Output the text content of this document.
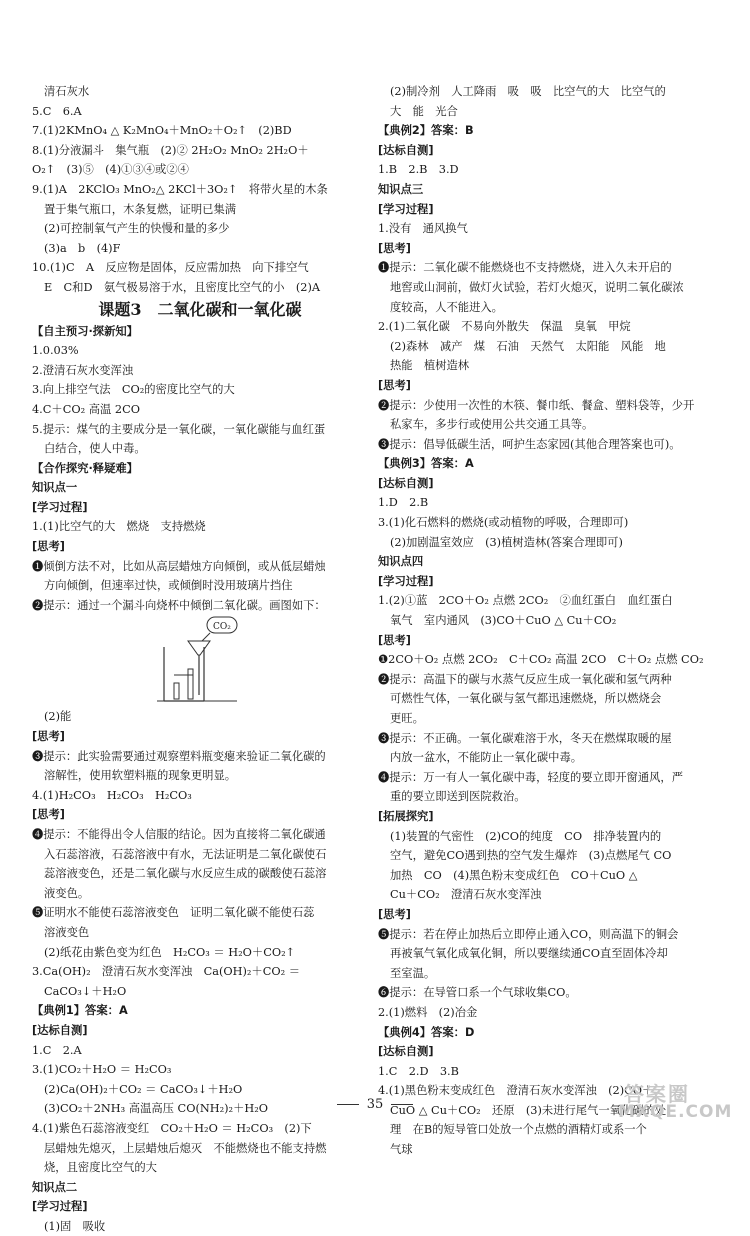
清石灰水
5.C　6.A
7.(1)2KMnO₄ △ K₂MnO₄＋MnO₂＋O₂↑　(2)BD
8.(1)分液漏斗　集气瓶　(2)② 2H₂O₂ MnO₂ 2H₂O＋
O₂↑　(3)⑤　(4)①③④或②④
9.(1)A　2KClO₃ MnO₂△ 2KCl＋3O₂↑　将带火星的木条
置于集气瓶口，木条复燃，证明已集满
(2)可控制氧气产生的快慢和量的多少
(3)a　b　(4)F
10.(1)C　A　反应物是固体，反应需加热　向下排空气
E　C和D　氨气极易溶于水，且密度比空气的小　(2)A
课题3　二氧化碳和一氧化碳
【自主预习·探新知】
1.0.03%
2.澄清石灰水变浑浊
3.向上排空气法　CO₂的密度比空气的大
4.C＋CO₂ 高温 2CO
5.提示：煤气的主要成分是一氧化碳，一氧化碳能与血红蛋
白结合，使人中毒。
【合作探究·释疑难】
知识点一
[学习过程]
1.(1)比空气的大　燃烧　支持燃烧
[思考]
❶倾倒方法不对，比如从高层蜡烛方向倾倒，或从低层蜡烛
方向倾倒，但速率过快，或倾倒时没用玻璃片挡住
❷提示：通过一个漏斗向烧杯中倾倒二氧化碳。画图如下：
CO₂
(2)能
[思考]
❸提示：此实验需要通过观察塑料瓶变瘪来验证二氧化碳的
溶解性，使用软塑料瓶的现象更明显。
4.(1)H₂CO₃　H₂CO₃　H₂CO₃
[思考]
❹提示：不能得出令人信服的结论。因为直接将二氧化碳通
入石蕊溶液，石蕊溶液中有水，无法证明是二氧化碳使石
蕊溶液变色，还是二氧化碳与水反应生成的碳酸使石蕊溶
液变色。
❺证明水不能使石蕊溶液变色　证明二氧化碳不能使石蕊
溶液变色
(2)纸花由紫色变为红色　H₂CO₃ ＝ H₂O＋CO₂↑
3.Ca(OH)₂　澄清石灰水变浑浊　Ca(OH)₂＋CO₂ ＝
CaCO₃↓＋H₂O
【典例1】答案：A
[达标自测]
1.C　2.A
3.(1)CO₂＋H₂O ＝ H₂CO₃
(2)Ca(OH)₂＋CO₂ ＝ CaCO₃↓＋H₂O
(3)CO₂＋2NH₃ 高温高压 CO(NH₂)₂＋H₂O
4.(1)紫色石蕊溶液变红　CO₂＋H₂O ＝ H₂CO₃　(2)下
层蜡烛先熄灭，上层蜡烛后熄灭　不能燃烧也不能支持燃
烧，且密度比空气的大
知识点二
[学习过程]
(1)固　吸收
(2)制冷剂　人工降雨　吸　吸　比空气的大　比空气的
大　能　光合
【典例2】答案：B
[达标自测]
1.B　2.B　3.D
知识点三
[学习过程]
1.没有　通风换气
[思考]
❶提示：二氧化碳不能燃烧也不支持燃烧，进入久未开启的
地窖或山洞前，做灯火试验，若灯火熄灭，说明二氧化碳浓
度较高，人不能进入。
2.(1)二氧化碳　不易向外散失　保温　臭氧　甲烷
(2)森林　减产　煤　石油　天然气　太阳能　风能　地
热能　植树造林
[思考]
❷提示：少使用一次性的木筷、餐巾纸、餐盒、塑料袋等，少开
私家车，多步行或使用公共交通工具等。
❸提示：倡导低碳生活，呵护生态家园(其他合理答案也可)。
【典例3】答案：A
[达标自测]
1.D　2.B
3.(1)化石燃料的燃烧(或动植物的呼吸，合理即可)
(2)加剧温室效应　(3)植树造林(答案合理即可)
知识点四
[学习过程]
1.(2)①蓝　2CO＋O₂ 点燃 2CO₂　②血红蛋白　血红蛋白
氧气　室内通风　(3)CO＋CuO △ Cu＋CO₂
[思考]
❶2CO＋O₂ 点燃 2CO₂　C＋CO₂ 高温 2CO　C＋O₂ 点燃 CO₂
❷提示：高温下的碳与水蒸气反应生成一氧化碳和氢气两种
可燃性气体，一氧化碳与氢气都迅速燃烧，所以燃烧会
更旺。
❸提示：不正确。一氧化碳难溶于水，冬天在燃煤取暖的屋
内放一盆水，不能防止一氧化碳中毒。
❹提示：万一有人一氧化碳中毒，轻度的要立即开窗通风，严
重的要立即送到医院救治。
[拓展探究]
(1)装置的气密性　(2)CO的纯度　CO　排净装置内的
空气，避免CO遇到热的空气发生爆炸　(3)点燃尾气 CO
加热　CO　(4)黑色粉末变成红色　CO＋CuO △
Cu＋CO₂　澄清石灰水变浑浊
[思考]
❺提示：若在停止加热后立即停止通入CO，则高温下的铜会
再被氧气氧化成氧化铜，所以要继续通CO直至固体冷却
至室温。
❻提示：在导管口系一个气球收集CO。
2.(1)燃料　(2)冶金
【典例4】答案：D
[达标自测]
1.C　2.D　3.B
4.(1)黑色粉末变成红色　澄清石灰水变浑浊　(2)CO＋
CuO △ Cu＋CO₂　还原　(3)未进行尾气一氧化碳的处
理　在B的短导管口处放一个点燃的酒精灯或系一个
气球
35	答案圈
MXQE.COM
